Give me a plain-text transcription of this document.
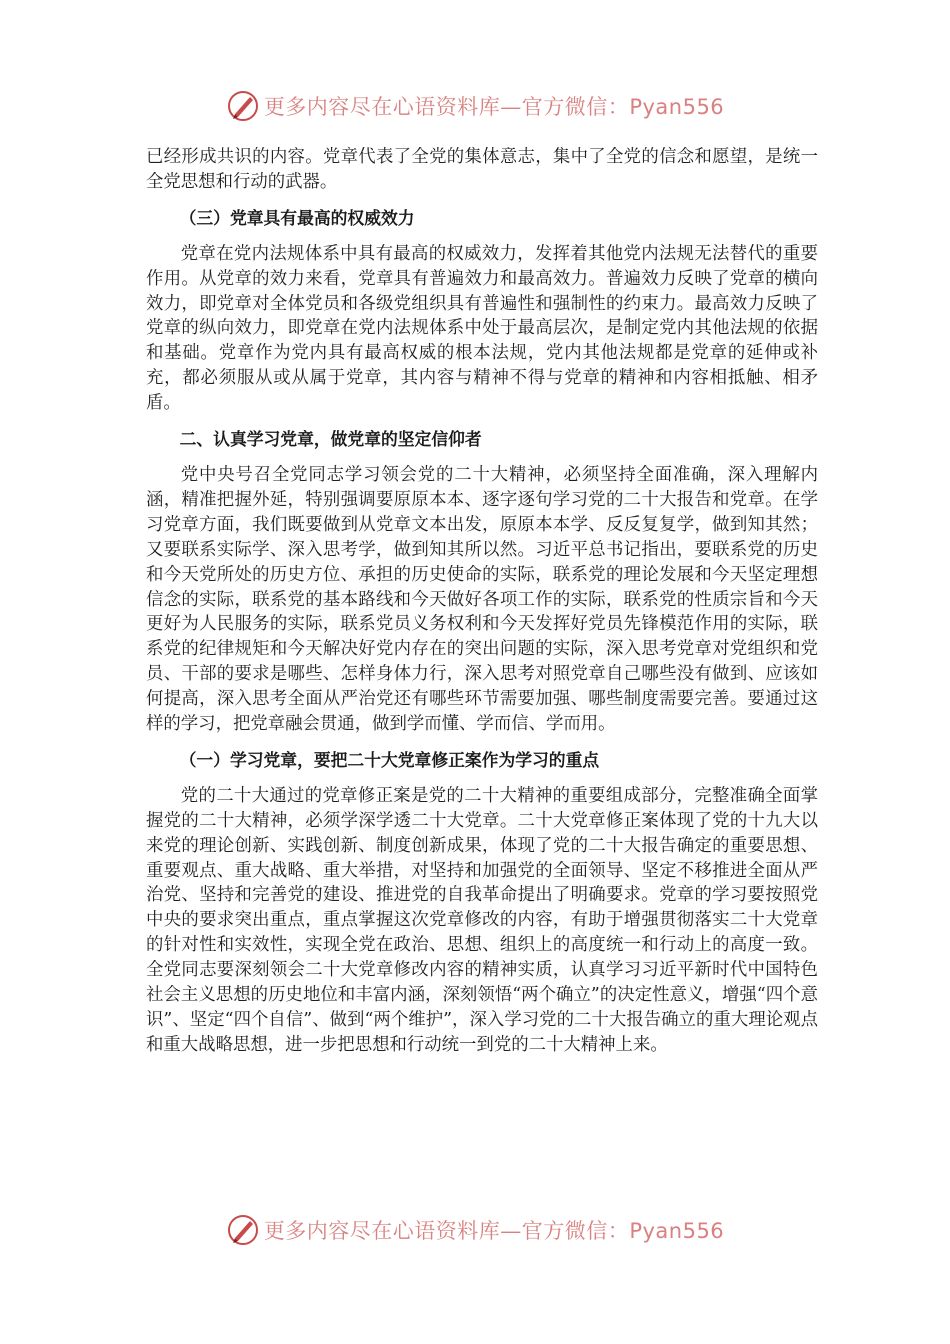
更多内容尽在心语资料库—官方微信：Pyan556

已经形成共识的内容。党章代表了全党的集体意志，集中了全党的信念和愿望，是统一全党思想和行动的武器。

（三）党章具有最高的权威效力

党章在党内法规体系中具有最高的权威效力，发挥着其他党内法规无法替代的重要作用。从党章的效力来看，党章具有普遍效力和最高效力。普遍效力反映了党章的横向效力，即党章对全体党员和各级党组织具有普遍性和强制性的约束力。最高效力反映了党章的纵向效力，即党章在党内法规体系中处于最高层次，是制定党内其他法规的依据和基础。党章作为党内具有最高权威的根本法规，党内其他法规都是党章的延伸或补充，都必须服从或从属于党章，其内容与精神不得与党章的精神和内容相抵触、相矛盾。

二、认真学习党章，做党章的坚定信仰者

党中央号召全党同志学习领会党的二十大精神，必须坚持全面准确，深入理解内涵，精准把握外延，特别强调要原原本本、逐字逐句学习党的二十大报告和党章。在学习党章方面，我们既要做到从党章文本出发，原原本本学、反反复复学，做到知其然；又要联系实际学、深入思考学，做到知其所以然。习近平总书记指出，要联系党的历史和今天党所处的历史方位、承担的历史使命的实际，联系党的理论发展和今天坚定理想信念的实际，联系党的基本路线和今天做好各项工作的实际，联系党的性质宗旨和今天更好为人民服务的实际，联系党员义务权利和今天发挥好党员先锋模范作用的实际，联系党的纪律规矩和今天解决好党内存在的突出问题的实际，深入思考党章对党组织和党员、干部的要求是哪些、怎样身体力行，深入思考对照党章自己哪些没有做到、应该如何提高，深入思考全面从严治党还有哪些环节需要加强、哪些制度需要完善。要通过这样的学习，把党章融会贯通，做到学而懂、学而信、学而用。

（一）学习党章，要把二十大党章修正案作为学习的重点

党的二十大通过的党章修正案是党的二十大精神的重要组成部分，完整准确全面掌握党的二十大精神，必须学深学透二十大党章。二十大党章修正案体现了党的十九大以来党的理论创新、实践创新、制度创新成果，体现了党的二十大报告确定的重要思想、重要观点、重大战略、重大举措，对坚持和加强党的全面领导、坚定不移推进全面从严治党、坚持和完善党的建设、推进党的自我革命提出了明确要求。党章的学习要按照党中央的要求突出重点，重点掌握这次党章修改的内容，有助于增强贯彻落实二十大党章的针对性和实效性，实现全党在政治、思想、组织上的高度统一和行动上的高度一致。全党同志要深刻领会二十大党章修改内容的精神实质，认真学习习近平新时代中国特色社会主义思想的历史地位和丰富内涵，深刻领悟“两个确立”的决定性意义，增强“四个意识”、坚定“四个自信”、做到“两个维护”，深入学习党的二十大报告确立的重大理论观点和重大战略思想，进一步把思想和行动统一到党的二十大精神上来。

更多内容尽在心语资料库—官方微信：Pyan556
